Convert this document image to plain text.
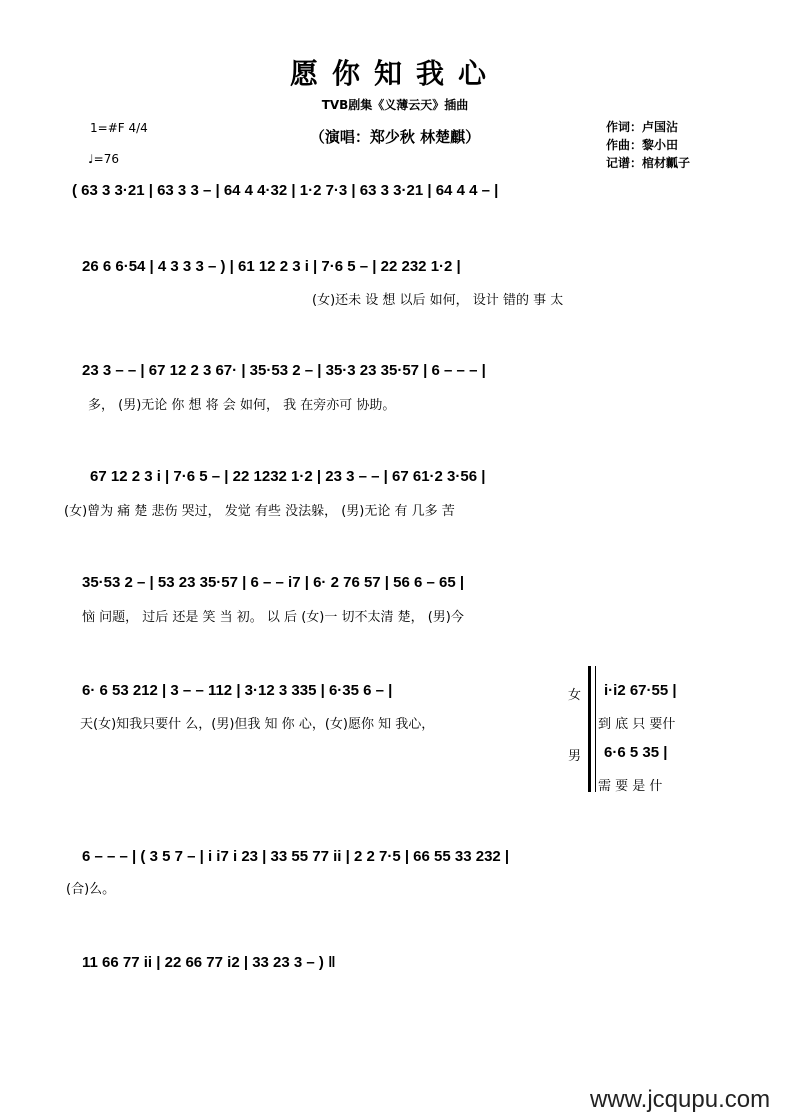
愿你知我心
TVB剧集《义薄云天》插曲
（演唱：郑少秋 林楚麒）
作词：卢国沾
作曲：黎小田
记谱：棺材瓤子
1=#F 4/4
♩=76
( 63 3 3·21 | 63 3 3 – | 64 4 4·32 | 1·2 7·3 | 63 3 3·21 | 64 4 4 – |
26 6 6·54 | 4 3 3 3 – ) | 61 12 2 3 i | 7·6 5 – | 22 232 1·2 |
(女)还未 设 想 以后 如何， 设计 错的 事 太
23 3 – – | 67 12 2 3 67· | 35·53 2 – | 35·3 23 35·57 | 6 – – – |
多， (男)无论 你 想 将 会 如何， 我 在旁亦可 协助。
67 12 2 3 i | 7·6 5 – | 22 1232 1·2 | 23 3 – – | 67 61·2 3·56 |
(女)曾为 痛 楚 悲伤 哭过， 发觉 有些 没法躲， (男)无论 有 几多 苦
35·53 2 – | 53 23 35·57 | 6 – – i7 | 6· 2 76 57 | 56 6 – 65 |
恼 问题， 过后 还是 笑 当 初。 以 后 (女)一 切不太清 楚， (男)今
6· 6 53 212 | 3 – – 112 | 3·12 3 335 | 6·35 6 – |
天(女)知我只要什 么，(男)但我 知 你 心，(女)愿你 知 我心，
女
男
i·i2 67·55 |
到 底 只 要什
6·6 5 35 |
需 要 是 什
6 – – – | ( 3 5 7 – | i i7 i 23 | 33 55 77 ii | 2 2 7·5 | 66 55 33 232 |
(合)么。
11 66 77 ii | 22 66 77 i2 | 33 23 3 – ) ‖
www.jcqupu.com
